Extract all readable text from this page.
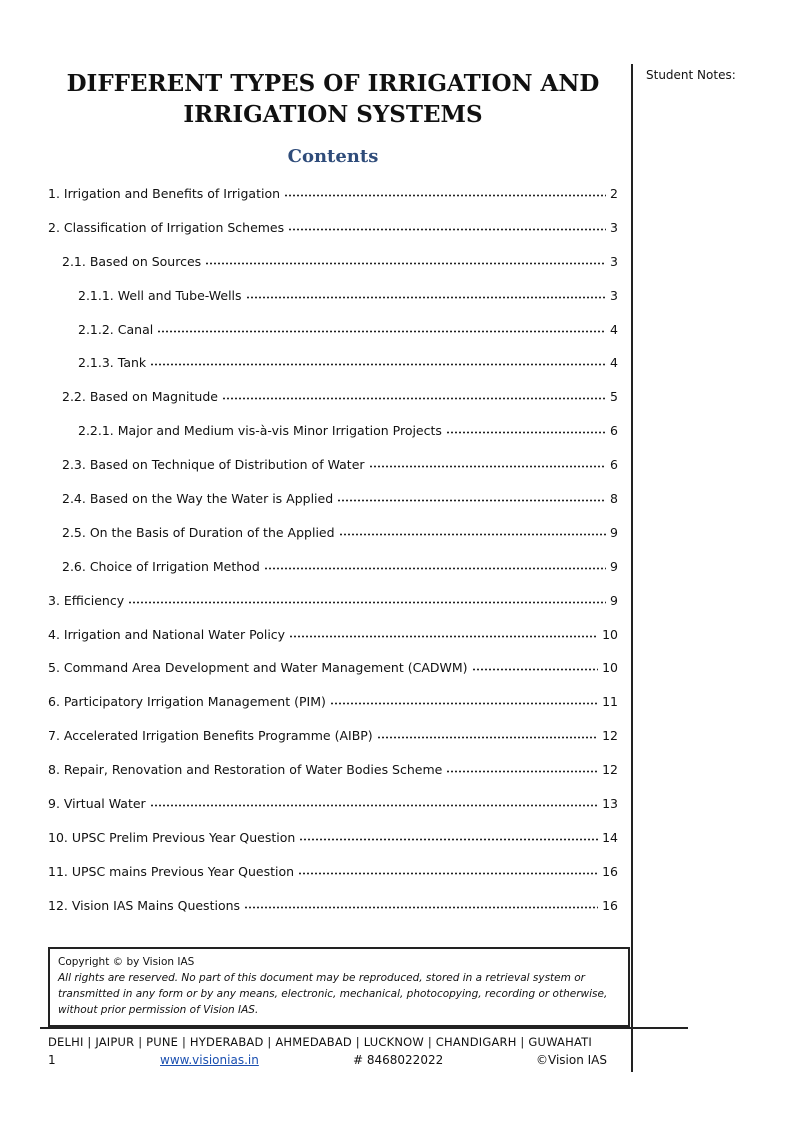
Student Notes:
DIFFERENT TYPES OF IRRIGATION AND
IRRIGATION SYSTEMS
Contents
1. Irrigation and Benefits of Irrigation	2
2. Classification of Irrigation Schemes	3
2.1. Based on Sources	3
2.1.1. Well and Tube-Wells	3
2.1.2. Canal	4
2.1.3. Tank	4
2.2. Based on Magnitude	5
2.2.1. Major and Medium vis-à-vis Minor Irrigation Projects	6
2.3. Based on Technique of Distribution of Water	6
2.4. Based on the Way the Water is Applied	8
2.5. On the Basis of Duration of the Applied	9
2.6. Choice of Irrigation Method	9
3. Efficiency	9
4. Irrigation and National Water Policy	10
5. Command Area Development and Water Management (CADWM)	10
6. Participatory Irrigation Management (PIM)	11
7. Accelerated Irrigation Benefits Programme (AIBP)	12
8. Repair, Renovation and Restoration of Water Bodies Scheme	12
9. Virtual Water	13
10. UPSC Prelim Previous Year Question	14
11. UPSC mains Previous Year Question	16
12. Vision IAS Mains Questions	16
Copyright © by Vision IAS
All rights are reserved. No part of this document may be reproduced, stored in a retrieval system or transmitted in any form or by any means, electronic, mechanical, photocopying, recording or otherwise, without prior permission of Vision IAS.
DELHI | JAIPUR | PUNE | HYDERABAD | AHMEDABAD | LUCKNOW | CHANDIGARH | GUWAHATI
1	www.visionias.in	# 8468022022	©Vision IAS
